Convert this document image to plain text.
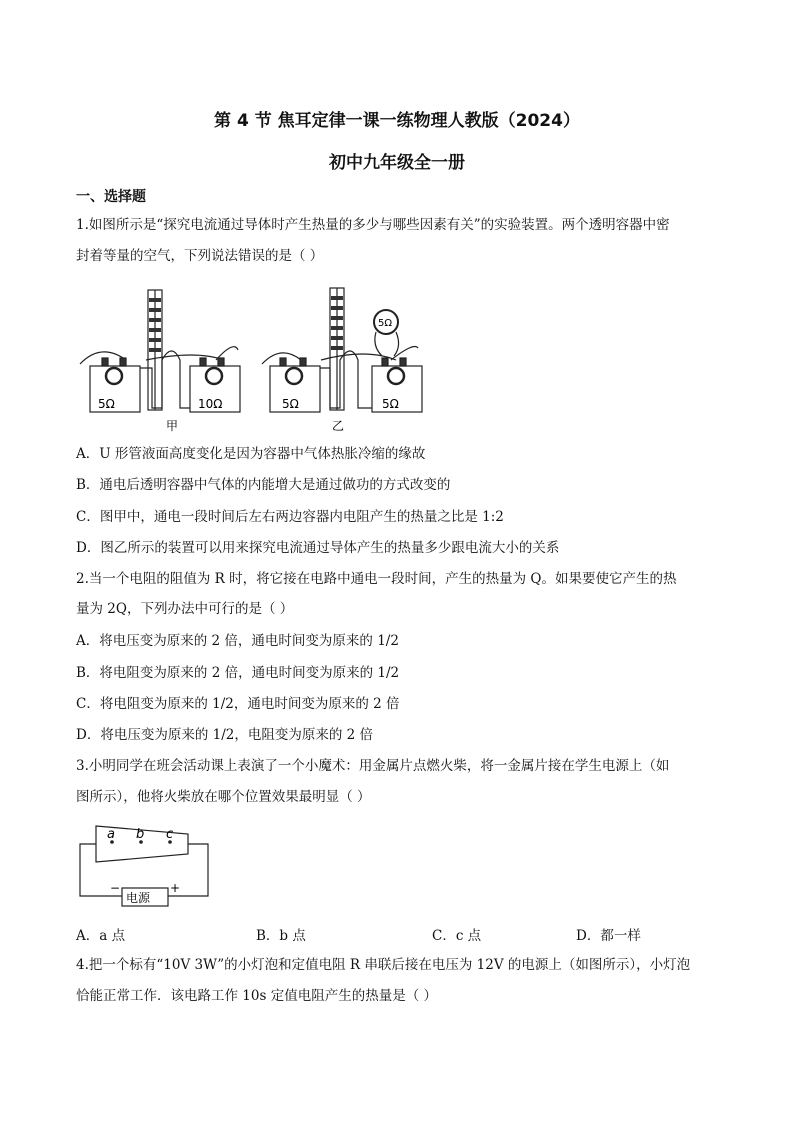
第 4 节 焦耳定律一课一练物理人教版（2024）
初中九年级全一册
一、选择题
1.如图所示是“探究电流通过导体时产生热量的多少与哪些因素有关”的实验装置。两个透明容器中密
封着等量的空气，下列说法错误的是（ ）
5Ω	10Ω
甲
5Ω	5Ω
5Ω
乙
A．U 形管液面高度变化是因为容器中气体热胀冷缩的缘故
B．通电后透明容器中气体的内能增大是通过做功的方式改变的
C．图甲中，通电一段时间后左右两边容器内电阻产生的热量之比是 1:2
D．图乙所示的装置可以用来探究电流通过导体产生的热量多少跟电流大小的关系
2.当一个电阻的阻值为 R 时，将它接在电路中通电一段时间，产生的热量为 Q。如果要使它产生的热
量为 2Q，下列办法中可行的是（ ）
A．将电压变为原来的 2 倍，通电时间变为原来的 1/2
B．将电阻变为原来的 2 倍，通电时间变为原来的 1/2
C．将电阻变为原来的 1/2，通电时间变为原来的 2 倍
D．将电压变为原来的 1/2，电阻变为原来的 2 倍
3.小明同学在班会活动课上表演了一个小魔术：用金属片点燃火柴，将一金属片接在学生电源上（如
图所示），他将火柴放在哪个位置效果最明显（ ）
a b c
电源
−	+
A．a 点	B．b 点	C．c 点	D．都一样
4.把一个标有“10V 3W”的小灯泡和定值电阻 R 串联后接在电压为 12V 的电源上（如图所示），小灯泡
恰能正常工作．该电路工作 10s 定值电阻产生的热量是（ ）
